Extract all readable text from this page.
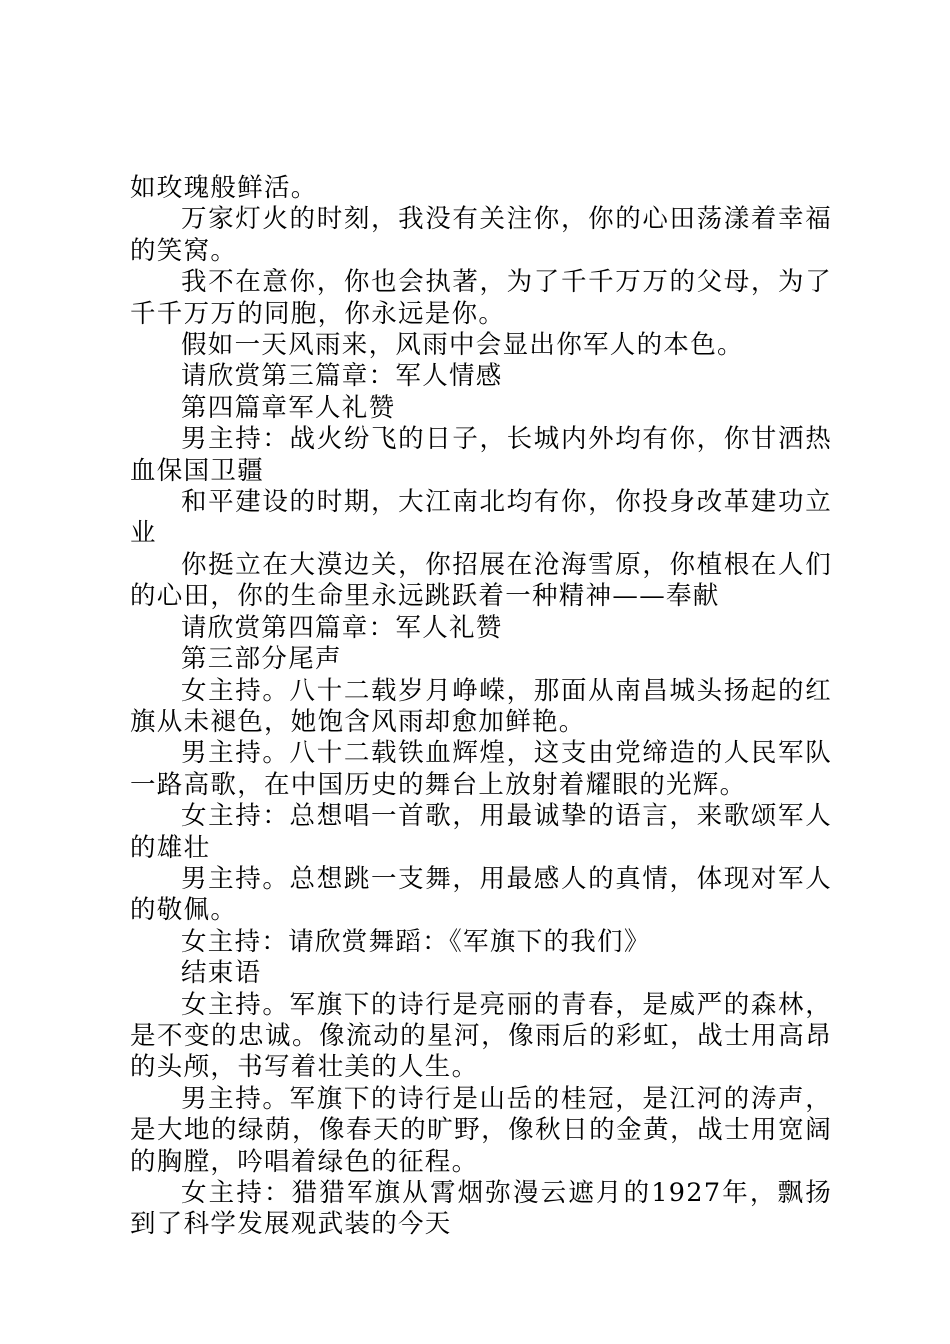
如玫瑰般鲜活。

万家灯火的时刻，我没有关注你，你的心田荡漾着幸福的笑窝。

我不在意你，你也会执著，为了千千万万的父母，为了千千万万的同胞，你永远是你。

假如一天风雨来，风雨中会显出你军人的本色。

请欣赏第三篇章：军人情感

第四篇章军人礼赞

男主持：战火纷飞的日子，长城内外均有你，你甘洒热血保国卫疆

和平建设的时期，大江南北均有你，你投身改革建功立业

你挺立在大漠边关，你招展在沧海雪原，你植根在人们的心田，你的生命里永远跳跃着一种精神——奉献

请欣赏第四篇章：军人礼赞

第三部分尾声

女主持。八十二载岁月峥嵘，那面从南昌城头扬起的红旗从未褪色，她饱含风雨却愈加鲜艳。

男主持。八十二载铁血辉煌，这支由党缔造的人民军队一路高歌，在中国历史的舞台上放射着耀眼的光辉。

女主持：总想唱一首歌，用最诚挚的语言，来歌颂军人的雄壮

男主持。总想跳一支舞，用最感人的真情，体现对军人的敬佩。

女主持：请欣赏舞蹈：《军旗下的我们》

结束语

女主持。军旗下的诗行是亮丽的青春，是威严的森林，是不变的忠诚。像流动的星河，像雨后的彩虹，战士用高昂的头颅，书写着壮美的人生。

男主持。军旗下的诗行是山岳的桂冠，是江河的涛声，是大地的绿荫，像春天的旷野，像秋日的金黄，战士用宽阔的胸膛，吟唱着绿色的征程。

女主持：猎猎军旗从霄烟弥漫云遮月的1927年，飘扬到了科学发展观武装的今天
